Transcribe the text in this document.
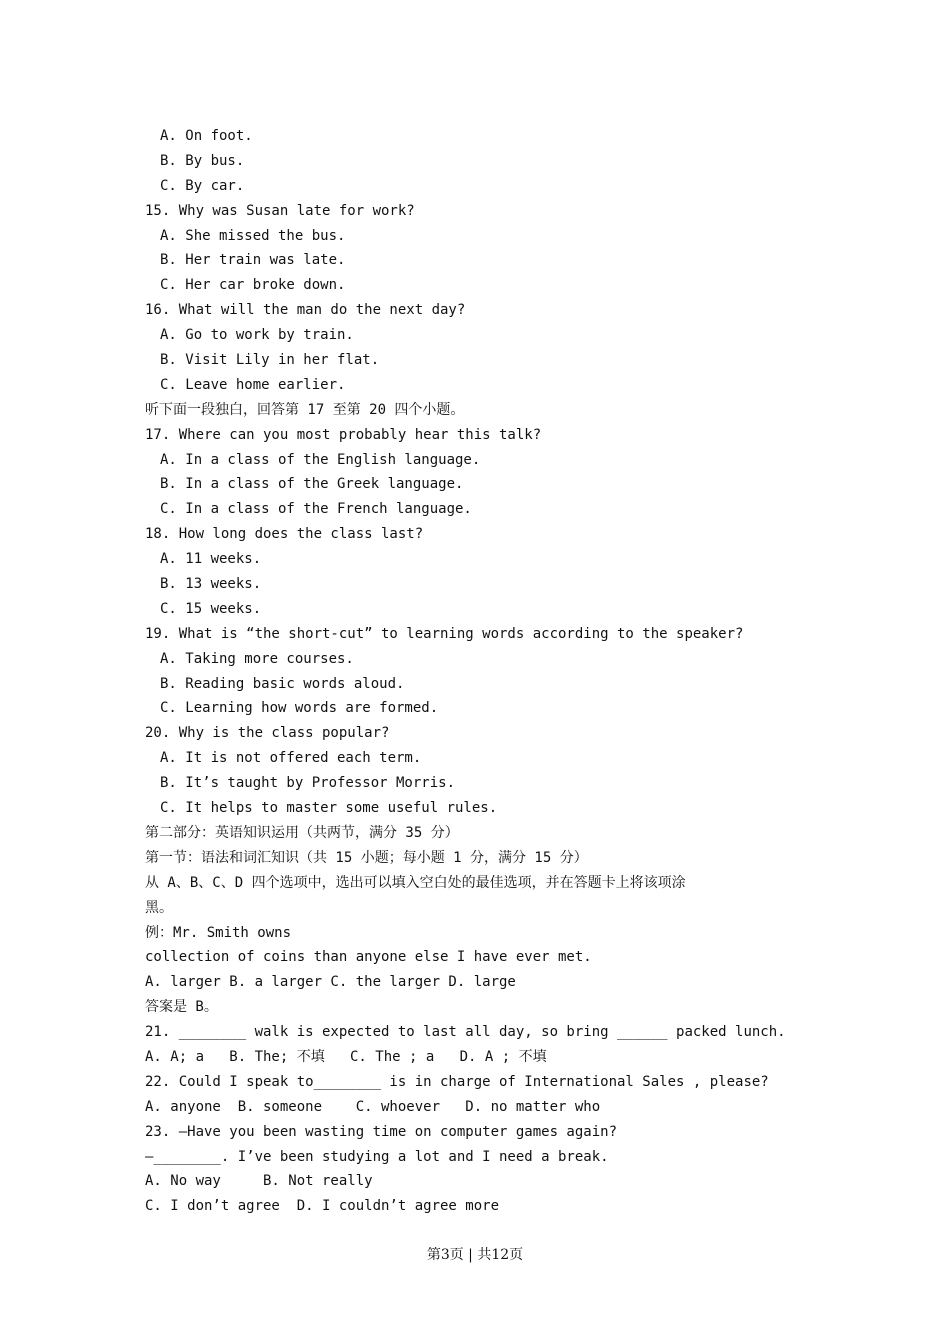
A. On foot.
B. By bus.
C. By car.
15. Why was Susan late for work?
A. She missed the bus.
B. Her train was late.
C. Her car broke down.
16. What will the man do the next day?
A. Go to work by train.
B. Visit Lily in her flat.
C. Leave home earlier.
听下面一段独白，回答第 17 至第 20 四个小题。
17. Where can you most probably hear this talk?
A. In a class of the English language.
B. In a class of the Greek language.
C. In a class of the French language.
18. How long does the class last?
A. 11 weeks.
B. 13 weeks.
C. 15 weeks.
19. What is “the short-cut” to learning words according to the speaker?
A. Taking more courses.
B. Reading basic words aloud.
C. Learning how words are formed.
20. Why is the class popular?
A. It is not offered each term.
B. It’s taught by Professor Morris.
C. It helps to master some useful rules.
第二部分：英语知识运用（共两节，满分 35 分）
第一节：语法和词汇知识（共 15 小题；每小题 1 分，满分 15 分）
从 A、B、C、D 四个选项中，选出可以填入空白处的最佳选项，并在答题卡上将该项涂
黑。
例：Mr. Smith owns
collection of coins than anyone else I have ever met.
A. larger B. a larger C. the larger D. large
答案是 B。
21. ________ walk is expected to last all day, so bring ______ packed lunch.
A. A; a   B. The; 不填   C. The ; a   D. A ; 不填
22. Could I speak to________ is in charge of International Sales , please?
A. anyone  B. someone    C. whoever   D. no matter who
23. —Have you been wasting time on computer games again?
—________. I’ve been studying a lot and I need a break.
A. No way     B. Not really
C. I don’t agree  D. I couldn’t agree more
第3页 | 共12页
